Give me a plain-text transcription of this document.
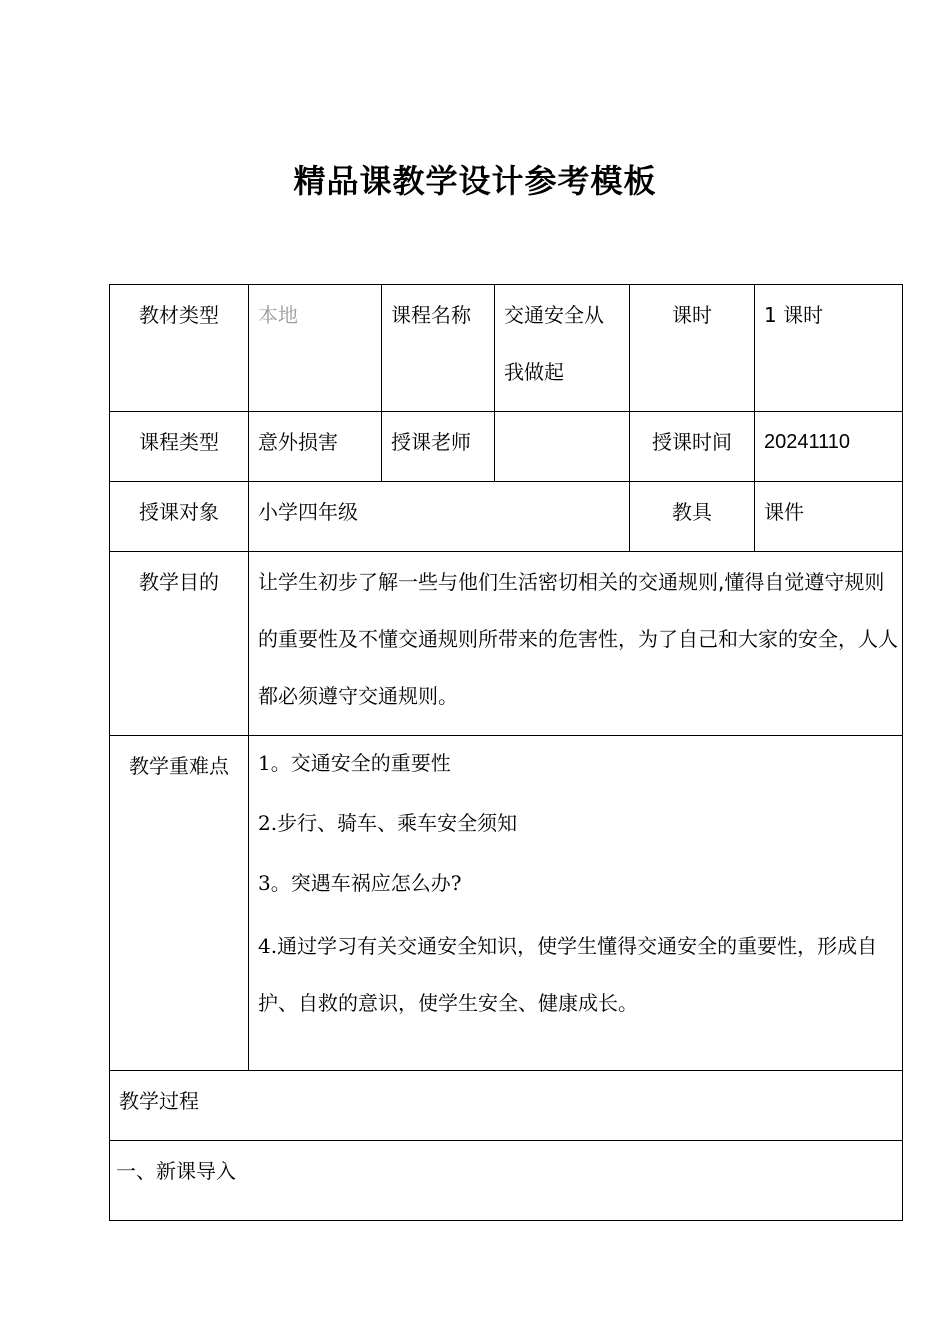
精品课教学设计参考模板
教材类型	本地	课程名称	交通安全从我做起	课时	1 课时

课程类型	意外损害	授课老师		授课时间	20241110

授课对象	小学四年级			教具	课件

教学目的	让学生初步了解一些与他们生活密切相关的交通规则,懂得自觉遵守规则的重要性及不懂交通规则所带来的危害性，为了自己和大家的安全，人人都必须遵守交通规则。				

教学重难点	1。交通安全的重要性

2.步行、骑车、乘车安全须知

3。突遇车祸应怎么办?

4.通过学习有关交通安全知识，使学生懂得交通安全的重要性，形成自护、自救的意识，使学生安全、健康成长。				

教学过程					

一、新课导入					
